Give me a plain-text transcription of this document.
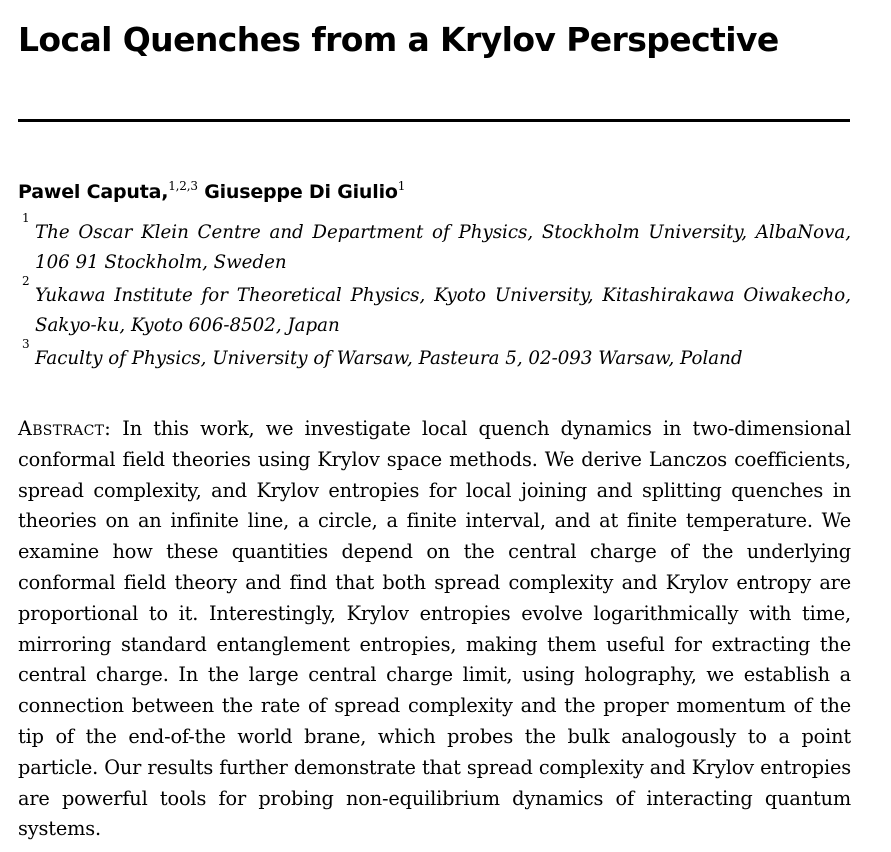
Local Quenches from a Krylov Perspective
Pawel Caputa,$^{1,2,3}$ Giuseppe Di Giulio$^1$
1
The Oscar Klein Centre and Department of Physics, Stockholm University, AlbaNova, 106 91 Stockholm, Sweden
2
Yukawa Institute for Theoretical Physics, Kyoto University, Kitashirakawa Oiwakecho, Sakyo-ku, Kyoto 606-8502, Japan
3
Faculty of Physics, University of Warsaw, Pasteura 5, 02-093 Warsaw, Poland
Abstract: In this work, we investigate local quench dynamics in two-dimensional conformal field theories using Krylov space methods. We derive Lanczos coefficients, spread complexity, and Krylov entropies for local joining and splitting quenches in theories on an infinite line, a circle, a finite interval, and at finite temperature. We examine how these quantities depend on the central charge of the underlying conformal field theory and find that both spread complexity and Krylov entropy are proportional to it. Interestingly, Krylov entropies evolve logarithmically with time, mirroring standard entanglement entropies, making them useful for extracting the central charge. In the large central charge limit, using holography, we establish a connection between the rate of spread complexity and the proper momentum of the tip of the end-of-the world brane, which probes the bulk analogously to a point particle. Our results further demonstrate that spread complexity and Krylov entropies are powerful tools for probing non-equilibrium dynamics of interacting quantum systems.
